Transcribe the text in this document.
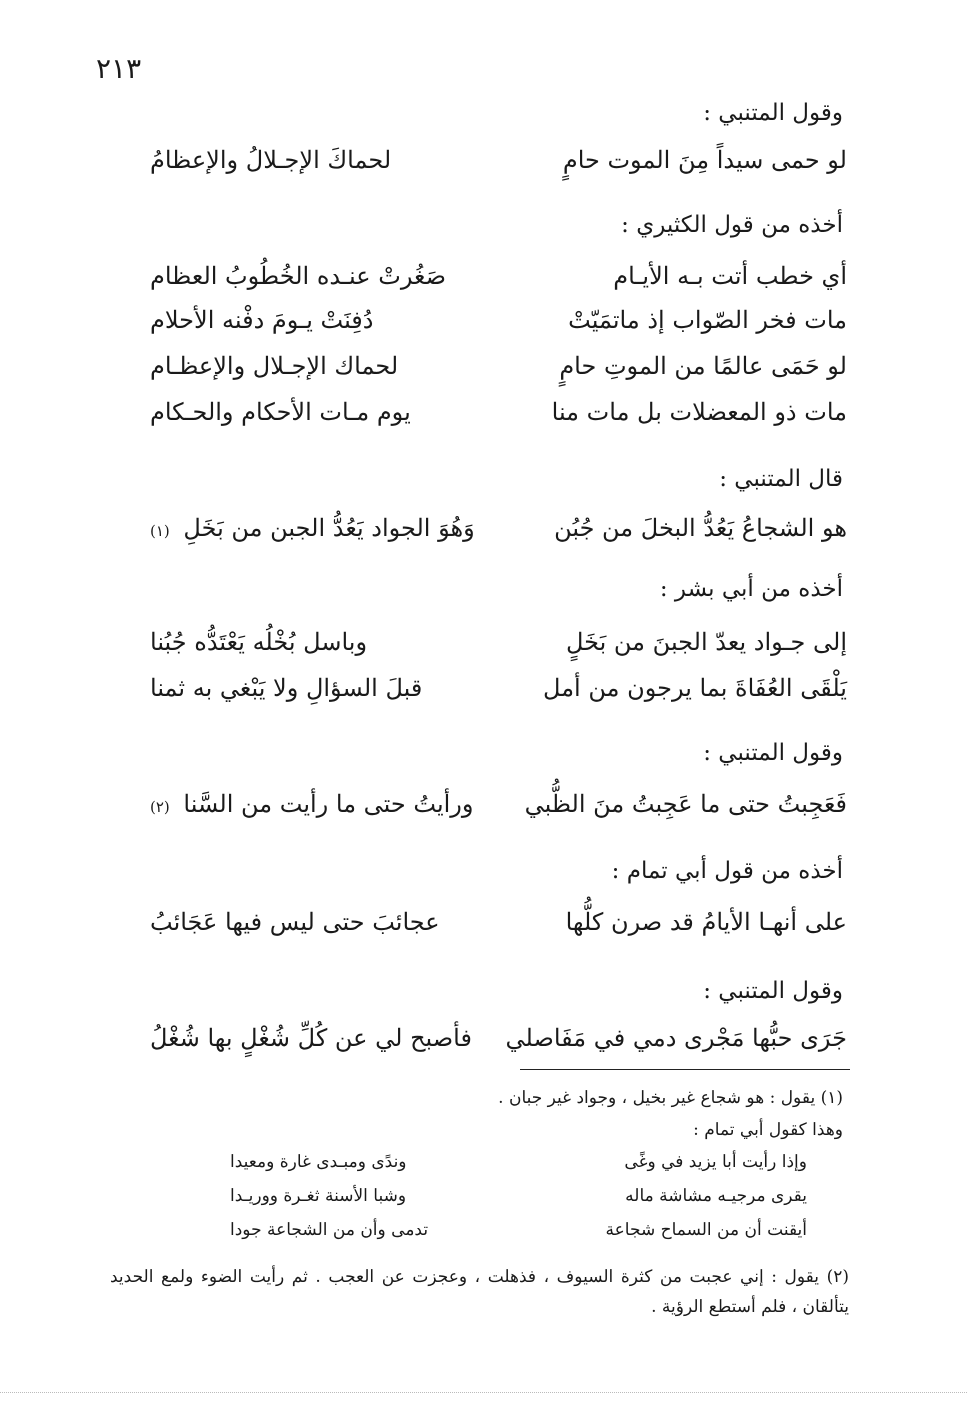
٢١٣
وقول المتنبي :
لو حمى سيداً مِنَ الموت حامٍ
لحماكَ الإجـلالُ والإعظامُ
أخذه من قول الكثيري :
أي خطب أتت بـه الأيـام
صَغُرتْ عنـده الخُطُوبُ العظام
مات فخر الصّواب إذ ماتمَيّتْ
دُفِنَتْ يـومَ دفْنه الأحلام
لو حَمَى عالمًا من الموتِ حامٍ
لحماك الإجـلال والإعظـام
مات ذو المعضلات بل مات منا
يوم مـات الأحكام والحـكام
قال المتنبي :
هو الشجاعُ يَعُدُّ البخلَ من جُبُن
وَهُوَ الجواد يَعُدُّ الجبن من بَخَلِ (١)
أخذه من أبي بشر :
إلى جـواد يعدّ الجبنَ من بَخَلٍ
وباسل بُخْلُه يَعْتَدُّه جُبُنا
يَلْقَى العُفَاةَ بما يرجون من أمل
قبلَ السؤالِ ولا يَبْغي به ثمنا
وقول المتنبي :
فَعَجِبتُ حتى ما عَجِبتُ منَ الظُّبي
ورأيتُ حتى ما رأيت من السَّنا (٢)
أخذه من قول أبي تمام :
على أنهـا الأيامُ قد صرن كلُّها
عجائبَ حتى ليس فيها عَجَائبُ
وقول المتنبي :
جَرَى حبُّها مَجْرى دمي في مَفَاصلي
فأصبح لي عن كُلِّ شُغْلٍ بها شُغْلُ
(١) يقول : هو شجاع غير بخيل ، وجواد غير جبان .
وهذا كقول أبي تمام :
وإذا رأيت أبا يزيد في وغًى
وندًى ومبـدى غارة ومعيدا
يقرى مرجيـه مشاشة ماله
وشبا الأسنة ثغـرة ووريـدا
أيقنت أن من السماح شجاعة
تدمى وأن من الشجاعة جودا
(٢) يقول : إني عجبت من كثرة السيوف ، فذهلت ، وعجزت عن العجب . ثم رأيت الضوء ولمع الحديد يتألقان ، فلم أستطع الرؤية .
